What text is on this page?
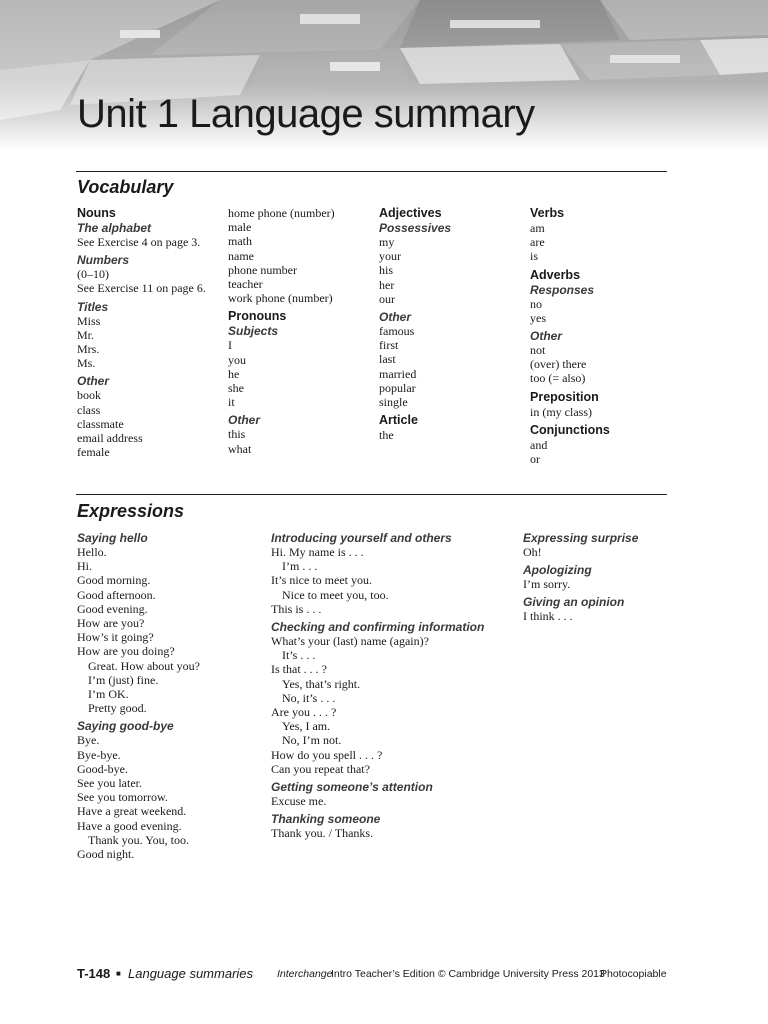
Unit 1 Language summary
Vocabulary
Nouns
The alphabet
See Exercise 4 on page 3.
Numbers
(0–10)
See Exercise 11 on page 6.
Titles
Miss
Mr.
Mrs.
Ms.
Other
book
class
classmate
email address
female
home phone (number)
male
math
name
phone number
teacher
work phone (number)
Pronouns
Subjects
I
you
he
she
it
Other
this
what
Adjectives
Possessives
my
your
his
her
our
Other
famous
first
last
married
popular
single
Article
the
Verbs
am
are
is
Adverbs
Responses
no
yes
Other
not
(over) there
too (= also)
Preposition
in (my class)
Conjunctions
and
or
Expressions
Saying hello
Hello.
Hi.
Good morning.
Good afternoon.
Good evening.
How are you?
How’s it going?
How are you doing?
Great. How about you?
I’m (just) fine.
I’m OK.
Pretty good.
Saying good-bye
Bye.
Bye-bye.
Good-bye.
See you later.
See you tomorrow.
Have a great weekend.
Have a good evening.
Thank you. You, too.
Good night.
Introducing yourself and others
Hi. My name is . . .
I’m . . .
It’s nice to meet you.
Nice to meet you, too.
This is . . .
Checking and confirming information
What’s your (last) name (again)?
It’s . . .
Is that . . . ?
Yes, that’s right.
No, it’s . . .
Are you . . . ?
Yes, I am.
No, I’m not.
How do you spell . . . ?
Can you repeat that?
Getting someone’s attention
Excuse me.
Thanking someone
Thank you. / Thanks.
Expressing surprise
Oh!
Apologizing
I’m sorry.
Giving an opinion
I think . . .
T-148 ■ Language summaries Interchange
Intro Teacher’s Edition © Cambridge University Press 2013
Photocopiable
